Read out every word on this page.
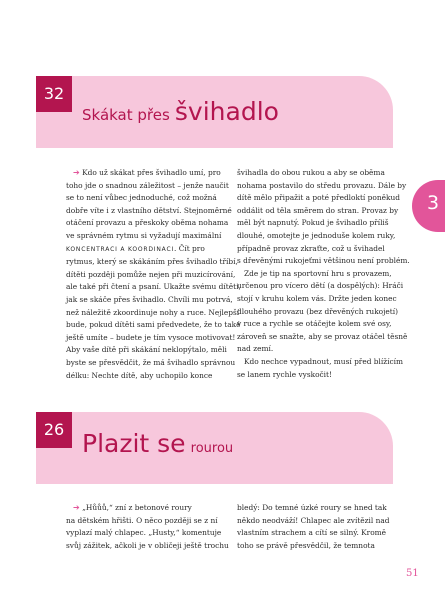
32
Skákat přes švihadlo
3
➔ Kdo už skákat přes švihadlo umí, pro
toho jde o snadnou záležitost – jenže naučit
se to není vůbec jednoduché, což možná
dobře víte i z vlastního dětství. Stejnoměrné
otáčení provazu a přeskoky oběma nohama
ve správném rytmu si vyžadují maximální
KONCENTRACI A KOORDINACI. Čít pro
rytmus, který se skákáním přes švihadlo tříbí,
dítěti později pomůže nejen při muzicírování,
ale také při čtení a psaní. Ukažte svému dítěti,
jak se skáče přes švihadlo. Chvíli mu potrvá,
než náležitě zkoordinuje nohy a ruce. Nejlepší
bude, pokud dítěti sami předvedete, že to také
ještě umíte – budete je tím vysoce motivovat!
Aby vaše dítě při skákání neklopýtalo, měli
byste se přesvědčit, že má švihadlo správnou
délku: Nechte dítě, aby uchopilo konce
švihadla do obou rukou a aby se oběma
nohama postavilo do středu provazu. Dále by
dítě mělo připažit a poté předloktí poněkud
oddálit od těla směrem do stran. Provaz by
měl být napnutý. Pokud je švihadlo příliš
dlouhé, omotejte je jednoduše kolem ruky,
případně provaz zkraťte, což u švihadel
s dřevěnými rukojeťmi většinou není problém.
Zde je tip na sportovní hru s provazem,
určenou pro vícero dětí (a dospělých): Hráči
stojí v kruhu kolem vás. Držte jeden konec
dlouhého provazu (bez dřevěných rukojetí)
v ruce a rychle se otáčejte kolem své osy,
zároveň se snažte, aby se provaz otáčel těsně
nad zemí.
Kdo nechce vypadnout, musí před blížícím
se lanem rychle vyskočit!
26 Plazit se rourou
➔ „Hůůů,“ zní z betonové roury
na dětském hřišti. O něco později se z ní
vyplazí malý chlapec. „Husty,“ komentuje
svůj zážitek, ačkoli je v obličeji ještě trochu
bledý: Do temné úzké roury se hned tak
někdo neodváží! Chlapec ale zvítězil nad
vlastním strachem a cítí se silný. Kromě
toho se právě přesvědčil, že temnota
51
